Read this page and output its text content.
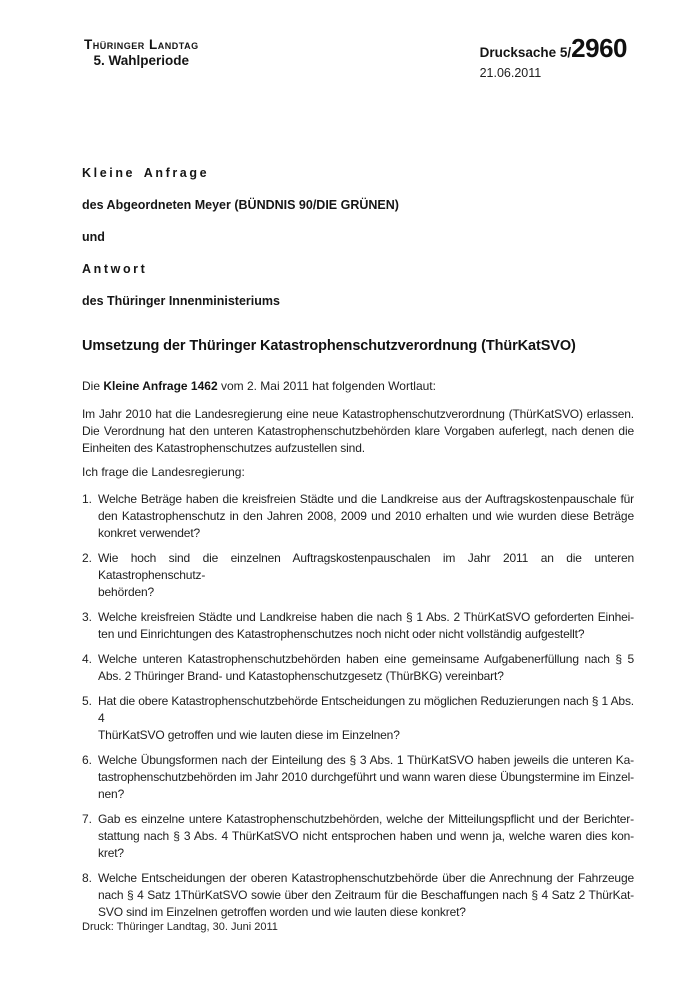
Thüringer Landtag
5. Wahlperiode
Drucksache 5/2960
21.06.2011
Kleine Anfrage
des Abgeordneten Meyer (BÜNDNIS 90/DIE GRÜNEN)
und
Antwort
des Thüringer Innenministeriums
Umsetzung der Thüringer Katastrophenschutzverordnung (ThürKatSVO)

Die Kleine Anfrage 1462 vom 2. Mai 2011 hat folgenden Wortlaut:

Im Jahr 2010 hat die Landesregierung eine neue Katastrophenschutzverordnung (ThürKatSVO) erlassen.
Die Verordnung hat den unteren Katastrophenschutzbehörden klare Vorgaben auferlegt, nach denen die
Einheiten des Katastrophenschutzes aufzustellen sind.
Ich frage die Landesregierung:
1. Welche Beträge haben die kreisfreien Städte und die Landkreise aus der Auftragskostenpauschale für
den Katastrophenschutz in den Jahren 2008, 2009 und 2010 erhalten und wie wurden diese Beträge
konkret verwendet?
2. Wie hoch sind die einzelnen Auftragskostenpauschalen im Jahr 2011 an die unteren Katastrophenschutz-
behörden?
3. Welche kreisfreien Städte und Landkreise haben die nach § 1 Abs. 2 ThürKatSVO geforderten Einhei-
ten und Einrichtungen des Katastrophenschutzes noch nicht oder nicht vollständig aufgestellt?
4. Welche unteren Katastrophenschutzbehörden haben eine gemeinsame Aufgabenerfüllung nach § 5
Abs. 2 Thüringer Brand- und Katastophenschutzgesetz (ThürBKG) vereinbart?
5. Hat die obere Katastrophenschutzbehörde Entscheidungen zu möglichen Reduzierungen nach § 1 Abs. 4
ThürKatSVO getroffen und wie lauten diese im Einzelnen?
6. Welche Übungsformen nach der Einteilung des § 3 Abs. 1 ThürKatSVO haben jeweils die unteren Ka-
tastrophenschutzbehörden im Jahr 2010 durchgeführt und wann waren diese Übungstermine im Einzel-
nen?
7. Gab es einzelne untere Katastrophenschutzbehörden, welche der Mitteilungspflicht und der Berichter-
stattung nach § 3 Abs. 4 ThürKatSVO nicht entsprochen haben und wenn ja, welche waren dies kon-
kret?
8. Welche Entscheidungen der oberen Katastrophenschutzbehörde über die Anrechnung der Fahrzeuge
nach § 4 Satz 1ThürKatSVO sowie über den Zeitraum für die Beschaffungen nach § 4 Satz 2 ThürKat-
SVO sind im Einzelnen getroffen worden und wie lauten diese konkret?
Druck: Thüringer Landtag, 30. Juni 2011
